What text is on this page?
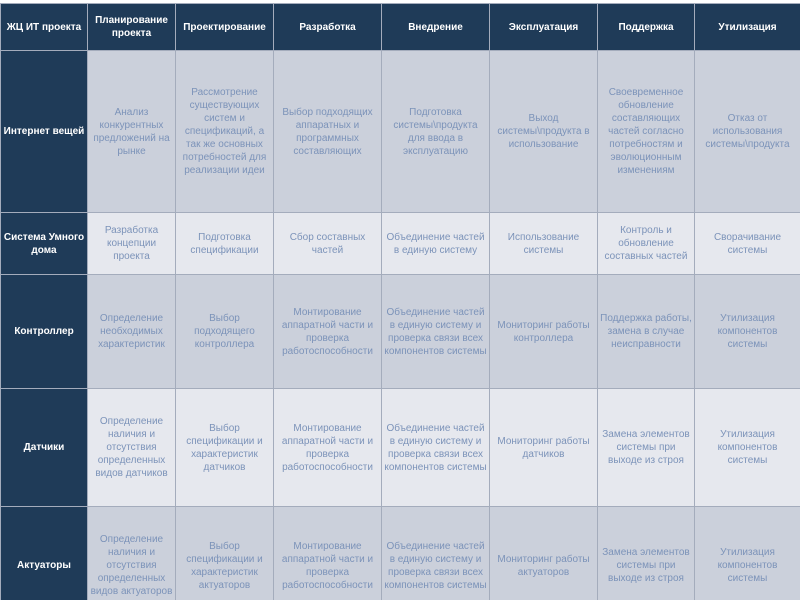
ЖЦ ИТ проекта	Планирование проекта	Проектирование	Разработка	Внедрение	Эксплуатация	Поддержка	Утилизация
Интернет вещей	Анализ конкурентных предложений на рынке	Рассмотрение существующих систем и спецификаций, а так же основных потребностей для реализации идеи	Выбор подходящих аппаратных и программных составляющих	Подготовка системы\продукта для ввода в эксплуатацию	Выход системы\продукта в использование	Своевременное обновление составляющих частей согласно потребностям и эволюционным изменениям	Отказ от использования системы\продукта
Система Умного дома	Разработка концепции проекта	Подготовка спецификации	Сбор составных частей	Объединение частей в единую систему	Использование системы	Контроль и обновление составных частей	Сворачивание системы
Контроллер	Определение необходимых характеристик	Выбор подходящего контроллера	Монтирование аппаратной части и проверка работоспособности	Объединение частей в единую систему и проверка связи всех компонентов системы	Мониторинг работы контроллера	Поддержка работы, замена в случае неисправности	Утилизация компонентов системы
Датчики	Определение наличия и отсутствия определенных видов датчиков	Выбор спецификации и характеристик датчиков	Монтирование аппаратной части и проверка работоспособности	Объединение частей в единую систему и проверка связи всех компонентов системы	Мониторинг работы датчиков	Замена элементов системы при выходе из строя	Утилизация компонентов системы
Актуаторы	Определение наличия и отсутствия определенных видов актуаторов	Выбор спецификации и характеристик актуаторов	Монтирование аппаратной части и проверка работоспособности	Объединение частей в единую систему и проверка связи всех компонентов системы	Мониторинг работы актуаторов	Замена элементов системы при выходе из строя	Утилизация компонентов системы
